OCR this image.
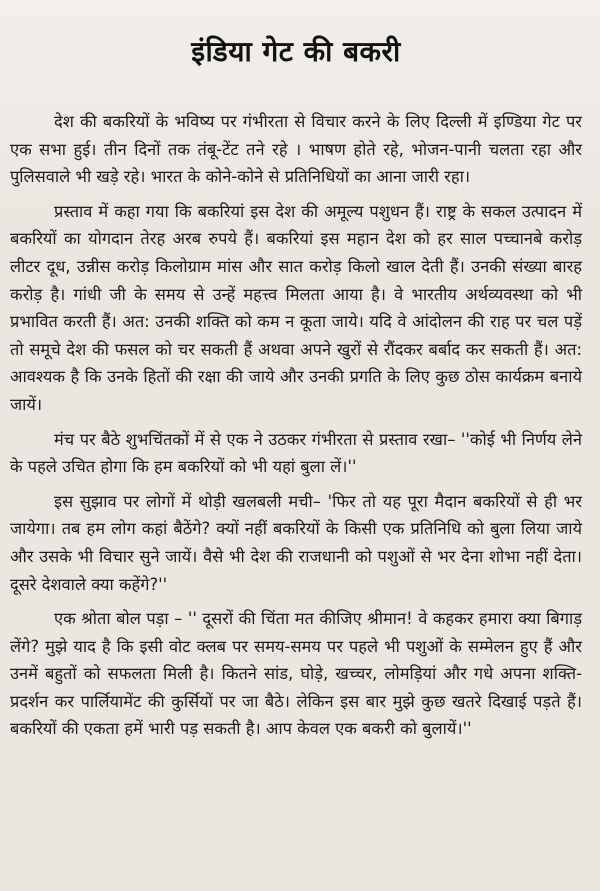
इंडिया गेट की बकरी

देश की बकरियों के भविष्य पर गंभीरता से विचार करने के लिए दिल्ली में इण्डिया गेट पर एक सभा हुई। तीन दिनों तक तंबू-टेंट तने रहे । भाषण होते रहे, भोजन-पानी चलता रहा और पुलिसवाले भी खड़े रहे। भारत के कोने-कोने से प्रतिनिधियों का आना जारी रहा।

प्रस्ताव में कहा गया कि बकरियां इस देश की अमूल्य पशुधन हैं। राष्ट्र के सकल उत्पादन में बकरियों का योगदान तेरह अरब रुपये हैं। बकरियां इस महान देश को हर साल पच्चानबे करोड़ लीटर दूध, उन्नीस करोड़ किलोग्राम मांस और सात करोड़ किलो खाल देती हैं। उनकी संख्या बारह करोड़ है। गांधी जी के समय से उन्हें महत्त्व मिलता आया है। वे भारतीय अर्थव्यवस्था को भी प्रभावित करती हैं। अत: उनकी शक्ति को कम न कूता जाये। यदि वे आंदोलन की राह पर चल पड़ें तो समूचे देश की फसल को चर सकती हैं अथवा अपने खुरों से रौंदकर बर्बाद कर सकती हैं। अत: आवश्यक है कि उनके हितों की रक्षा की जाये और उनकी प्रगति के लिए कुछ ठोस कार्यक्रम बनाये जायें।

मंच पर बैठे शुभचिंतकों में से एक ने उठकर गंभीरता से प्रस्ताव रखा– ''कोई भी निर्णय लेने के पहले उचित होगा कि हम बकरियों को भी यहां बुला लें।''

इस सुझाव पर लोगों में थोड़ी खलबली मची– 'फिर तो यह पूरा मैदान बकरियों से ही भर जायेगा। तब हम लोग कहां बैठेंगे? क्यों नहीं बकरियों के किसी एक प्रतिनिधि को बुला लिया जाये और उसके भी विचार सुने जायें। वैसे भी देश की राजधानी को पशुओं से भर देना शोभा नहीं देता। दूसरे देशवाले क्या कहेंगे?''

एक श्रोता बोल पड़ा – '' दूसरों की चिंता मत कीजिए श्रीमान! वे कहकर हमारा क्या बिगाड़ लेंगे? मुझे याद है कि इसी वोट क्लब पर समय-समय पर पहले भी पशुओं के सम्मेलन हुए हैं और उनमें बहुतों को सफलता मिली है। कितने सांड, घोड़े, खच्चर, लोमड़ियां और गधे अपना शक्ति-प्रदर्शन कर पार्लियामेंट की कुर्सियों पर जा बैठे। लेकिन इस बार मुझे कुछ खतरे दिखाई पड़ते हैं। बकरियों की एकता हमें भारी पड़ सकती है। आप केवल एक बकरी को बुलायें।''
